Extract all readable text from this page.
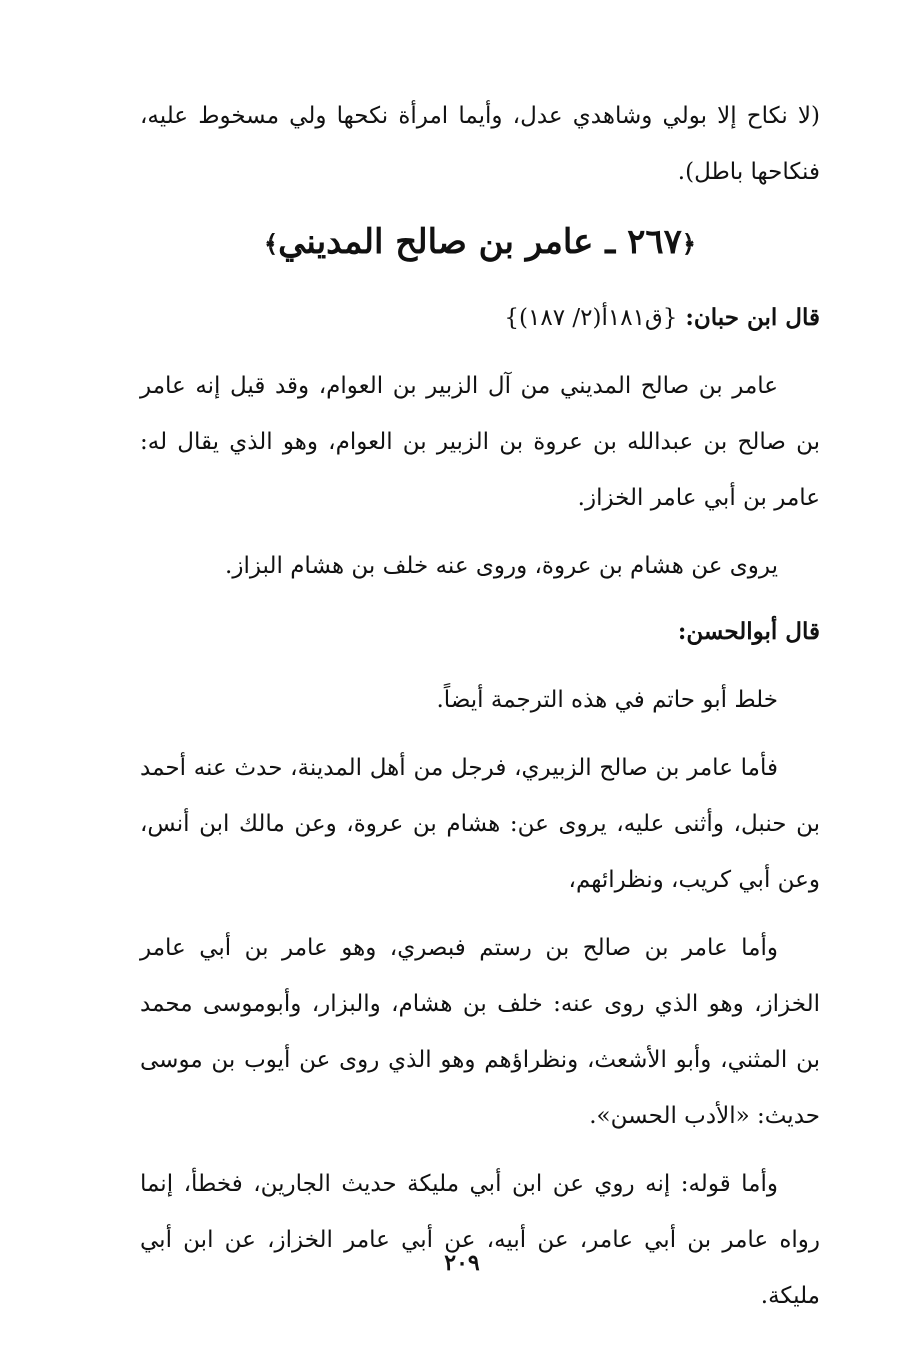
(لا نكاح إلا بولي وشاهدي عدل، وأيما امرأة نكحها ولي مسخوط عليه، فنكاحها باطل).

﴿٢٦٧ ـ عامر بن صالح المديني﴾
قال ابن حبان: {ق١٨١أ(٢/ ١٨٧)}

عامر بن صالح المديني من آل الزبير بن العوام، وقد قيل إنه عامر بن صالح بن عبدالله بن عروة بن الزبير بن العوام، وهو الذي يقال له: عامر بن أبي عامر الخزاز.

يروى عن هشام بن عروة، وروى عنه خلف بن هشام البزاز.

قال أبوالحسن:

خلط أبو حاتم في هذه الترجمة أيضاً.

فأما عامر بن صالح الزبيري، فرجل من أهل المدينة، حدث عنه أحمد بن حنبل، وأثنى عليه، يروى عن: هشام بن عروة، وعن مالك ابن أنس، وعن أبي كريب، ونظرائهم،

وأما عامر بن صالح بن رستم فبصري، وهو عامر بن أبي عامر الخزاز، وهو الذي روى عنه: خلف بن هشام، والبزار، وأبوموسى محمد بن المثني، وأبو الأشعث، ونظراؤهم وهو الذي روى عن أيوب بن موسى حديث: «الأدب الحسن».

وأما قوله: إنه روي عن ابن أبي مليكة حديث الجارين، فخطأ، إنما رواه عامر بن أبي عامر، عن أبيه، عن أبي عامر الخزاز، عن ابن أبي مليكة.

٢٠٩
